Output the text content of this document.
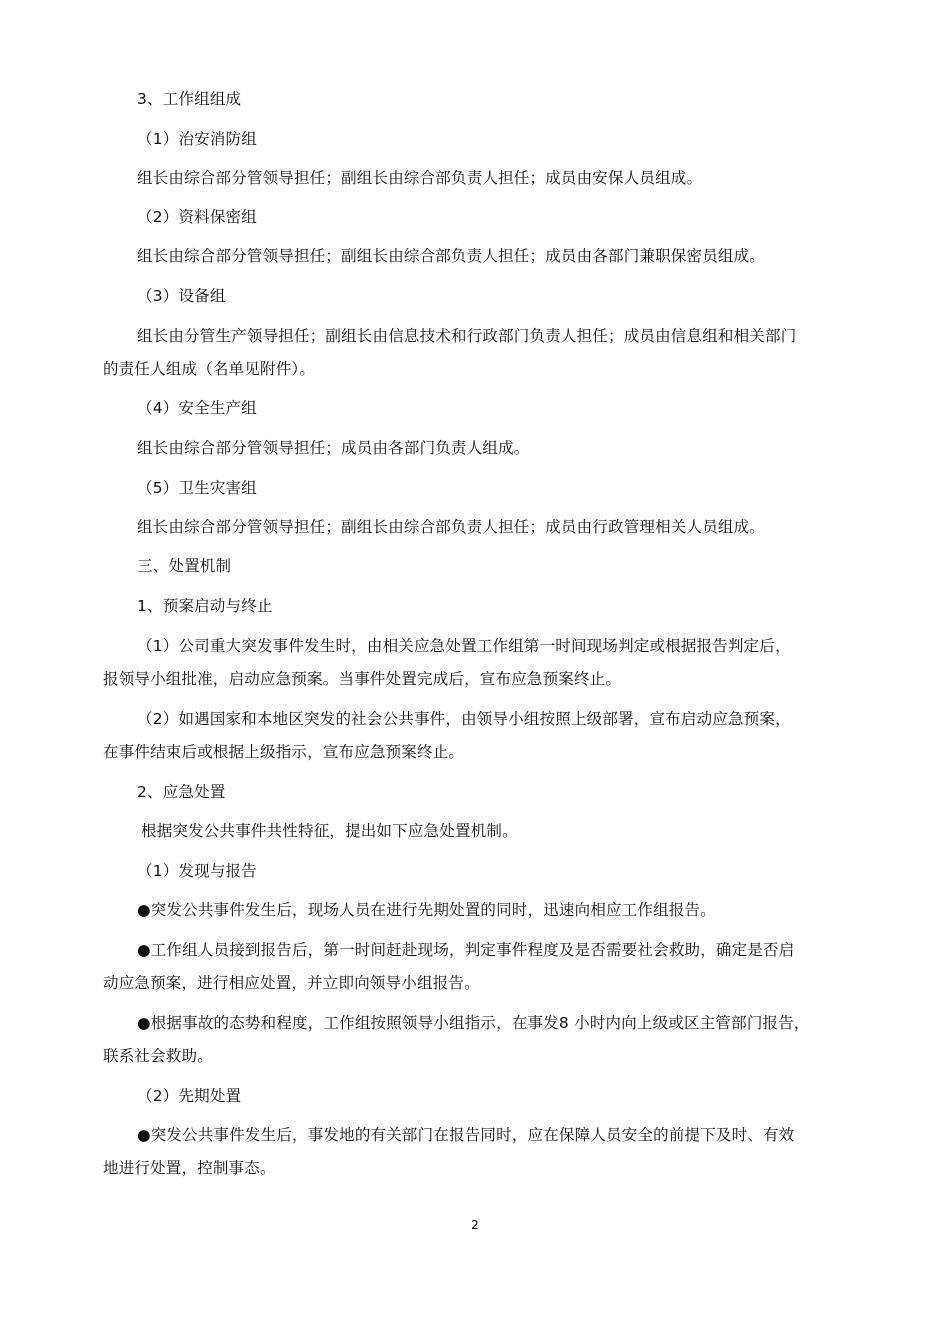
3、工作组组成
（1）治安消防组
组长由综合部分管领导担任；副组长由综合部负责人担任；成员由安保人员组成。
（2）资料保密组
组长由综合部分管领导担任；副组长由综合部负责人担任；成员由各部门兼职保密员组成。
（3）设备组
组长由分管生产领导担任；副组长由信息技术和行政部门负责人担任；成员由信息组和相关部门
的责任人组成（名单见附件）。
（4）安全生产组
组长由综合部分管领导担任；成员由各部门负责人组成。
（5）卫生灾害组
组长由综合部分管领导担任；副组长由综合部负责人担任；成员由行政管理相关人员组成。
三、处置机制
1、预案启动与终止
（1）公司重大突发事件发生时，由相关应急处置工作组第一时间现场判定或根据报告判定后，
报领导小组批准，启动应急预案。当事件处置完成后，宣布应急预案终止。
（2）如遇国家和本地区突发的社会公共事件，由领导小组按照上级部署，宣布启动应急预案，
在事件结束后或根据上级指示，宣布应急预案终止。
2、应急处置
根据突发公共事件共性特征，提出如下应急处置机制。
（1）发现与报告
●突发公共事件发生后，现场人员在进行先期处置的同时，迅速向相应工作组报告。
●工作组人员接到报告后，第一时间赶赴现场，判定事件程度及是否需要社会救助，确定是否启
动应急预案，进行相应处置，并立即向领导小组报告。
●根据事故的态势和程度，工作组按照领导小组指示，在事发8 小时内向上级或区主管部门报告，
联系社会救助。
（2）先期处置
●突发公共事件发生后，事发地的有关部门在报告同时，应在保障人员安全的前提下及时、有效
地进行处置，控制事态。
2
